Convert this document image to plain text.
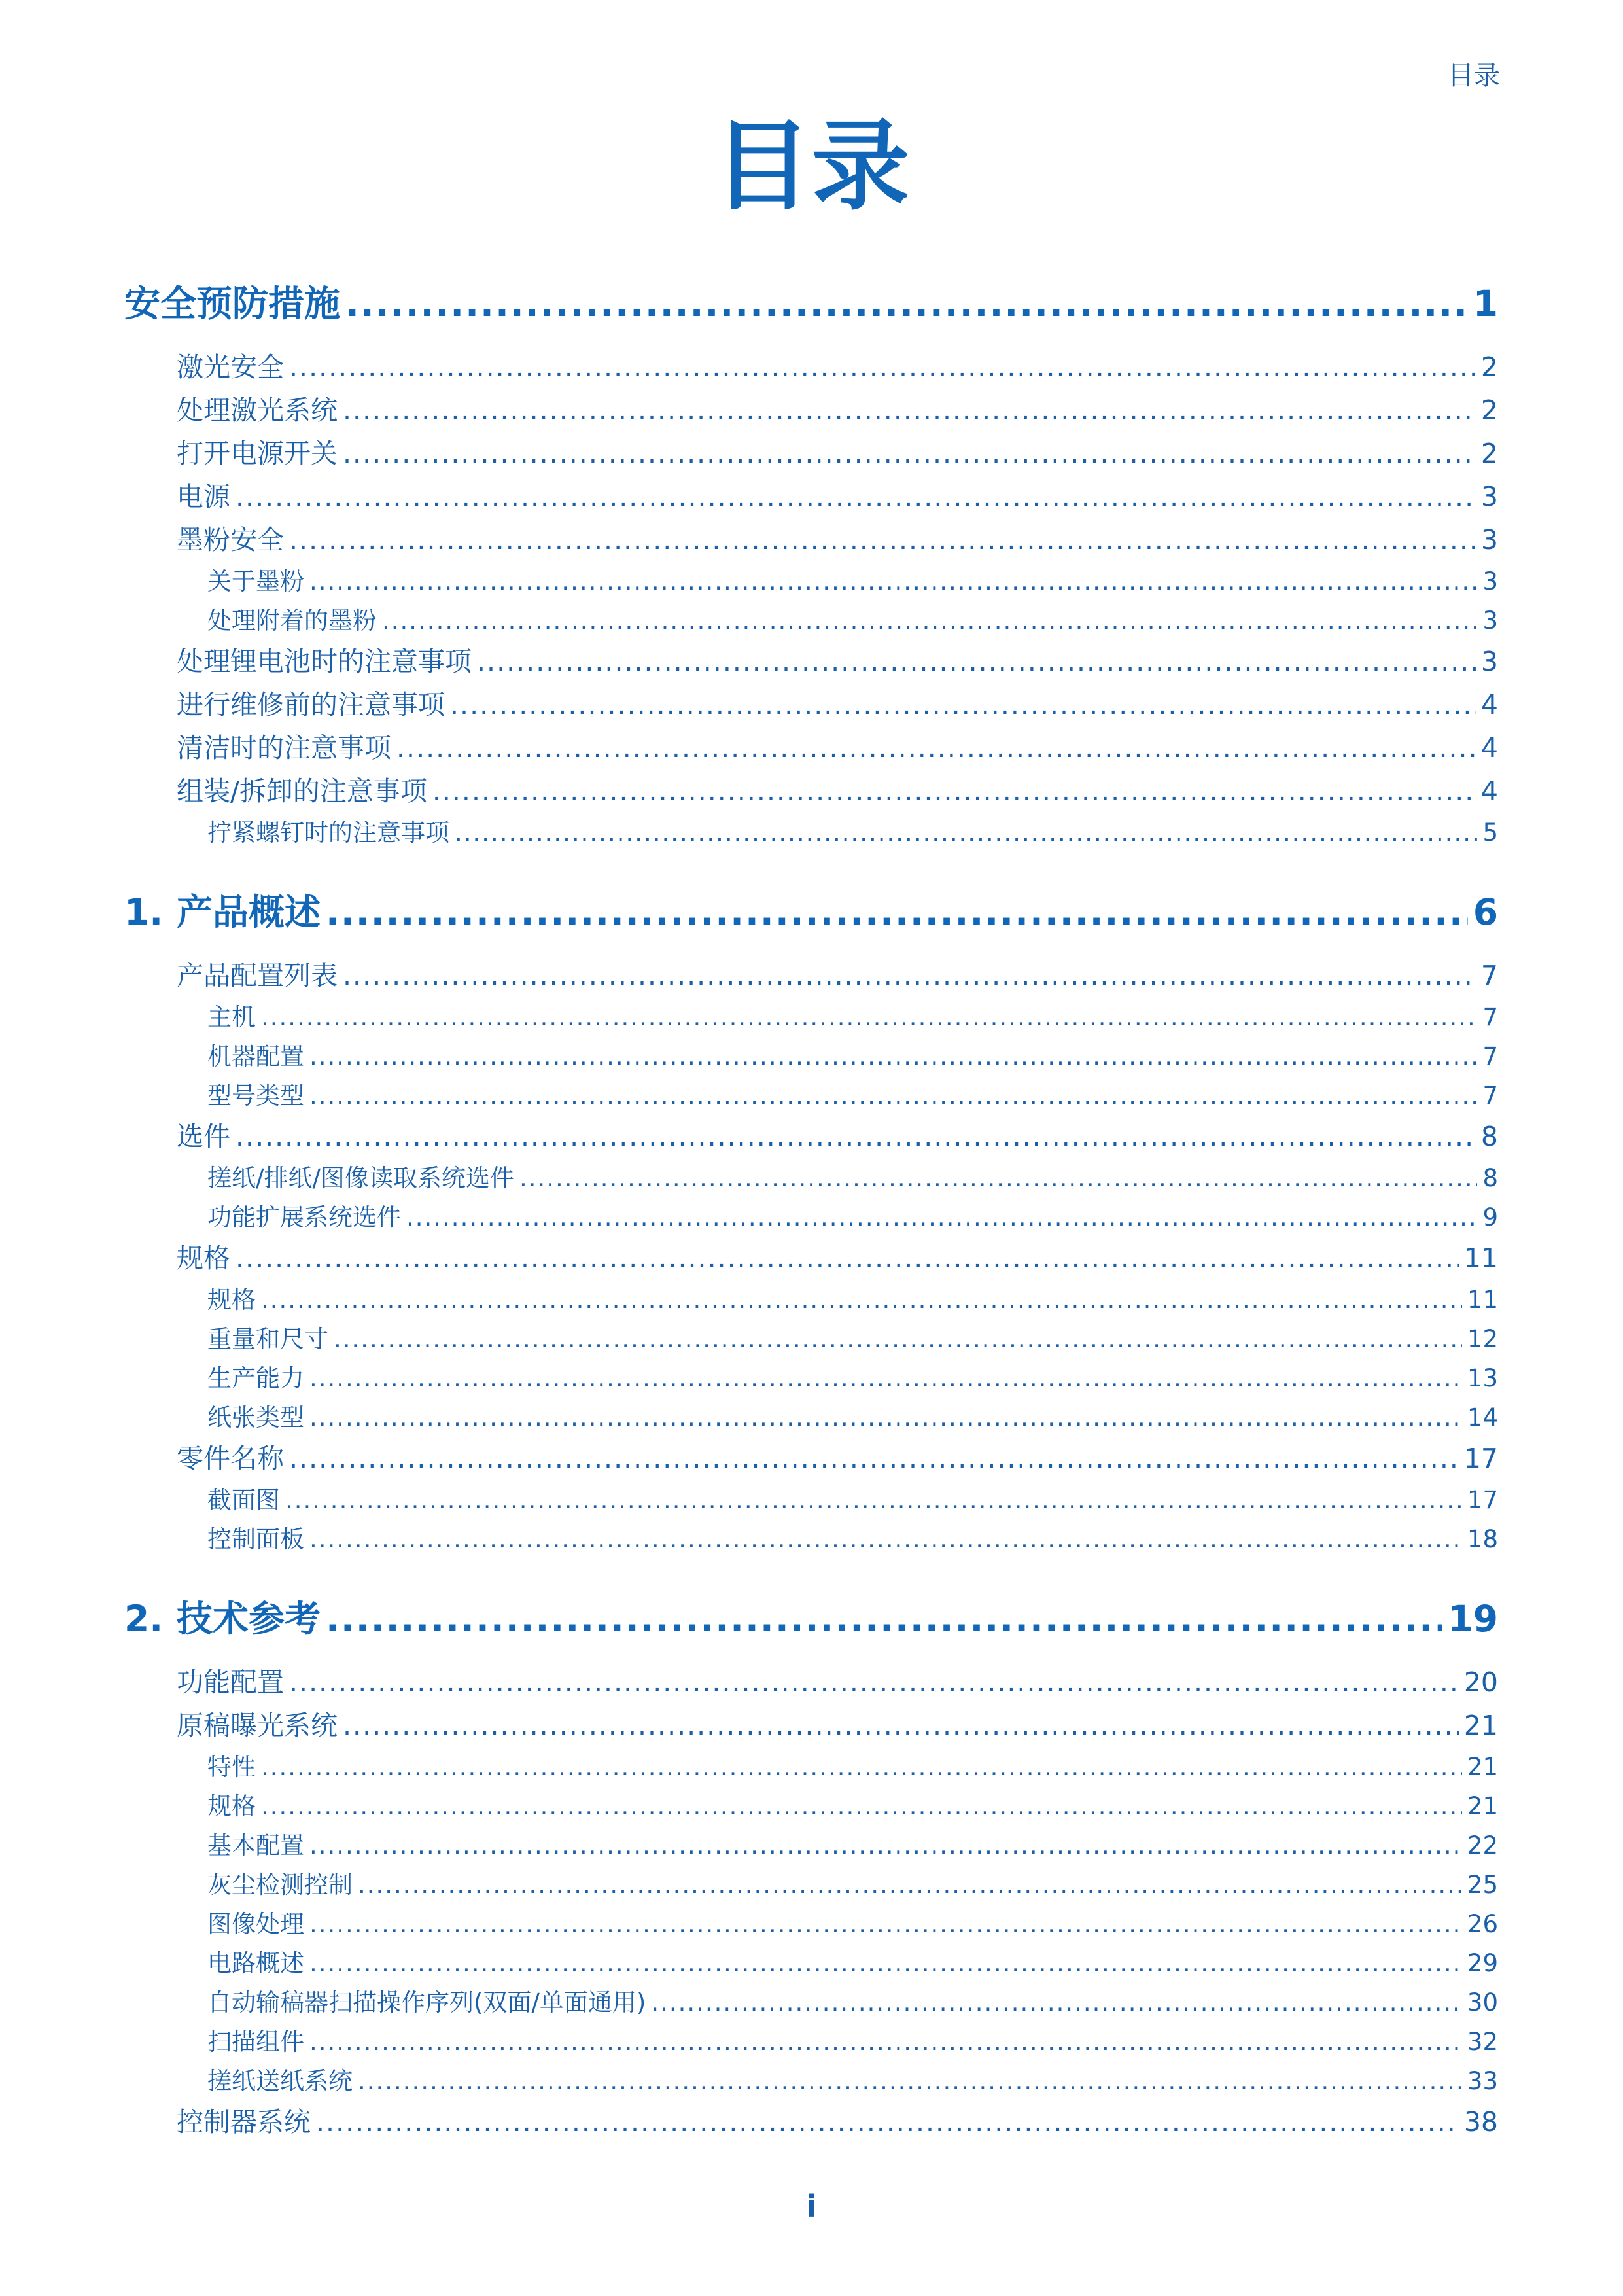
目录
目录
安全预防措施 .....	1
激光安全 .....	2
处理激光系统 .....	2
打开电源开关 .....	2
电源 .....	3
墨粉安全 .....	3
关于墨粉 .....	3
处理附着的墨粉 .....	3
处理锂电池时的注意事项 .....	3
进行维修前的注意事项 .....	4
清洁时的注意事项 .....	4
组装/拆卸的注意事项 .....	4
拧紧螺钉时的注意事项 .....	5
1. 产品概述 .....	6
产品配置列表 .....	7
主机 .....	7
机器配置 .....	7
型号类型 .....	7
选件 .....	8
搓纸/排纸/图像读取系统选件 .....	8
功能扩展系统选件 .....	9
规格 .....	11
规格 .....	11
重量和尺寸 .....	12
生产能力 .....	13
纸张类型 .....	14
零件名称 .....	17
截面图 .....	17
控制面板 .....	18
2. 技术参考 .....	19
功能配置 .....	20
原稿曝光系统 .....	21
特性 .....	21
规格 .....	21
基本配置 .....	22
灰尘检测控制 .....	25
图像处理 .....	26
电路概述 .....	29
自动输稿器扫描操作序列(双面/单面通用) .....	30
扫描组件 .....	32
搓纸送纸系统 .....	33
控制器系统 .....	38
i
